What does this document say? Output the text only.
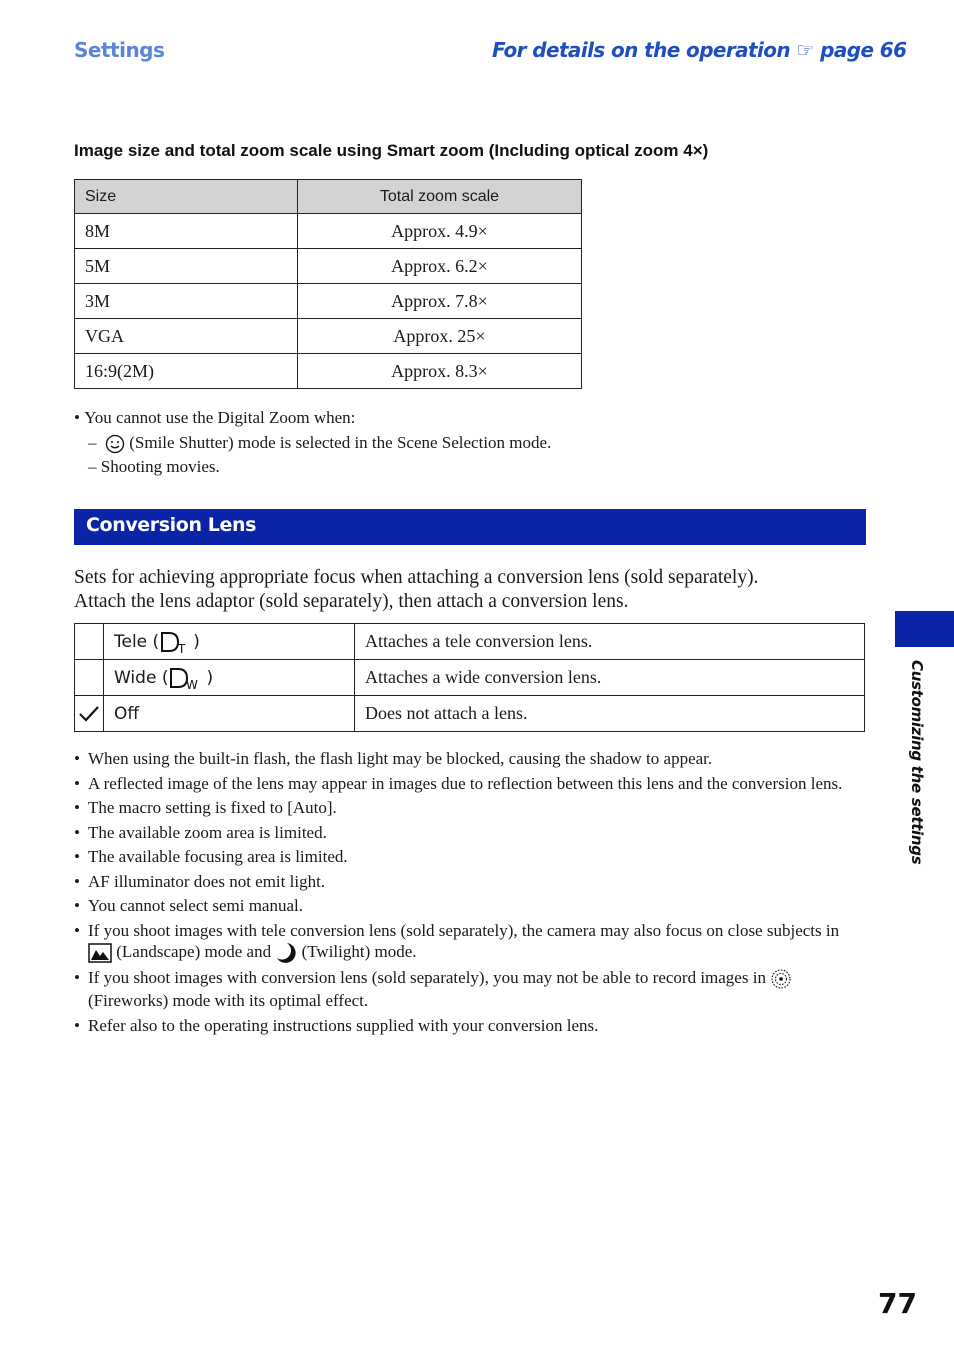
Settings	For details on the operation ☞ page 66
Image size and total zoom scale using Smart zoom (Including optical zoom 4×)
Size	Total zoom scale
8M	Approx. 4.9×
5M	Approx. 6.2×
3M	Approx. 7.8×
VGA	Approx. 25×
16:9(2M)	Approx. 8.3×
• You cannot use the Digital Zoom when:
–   (Smile Shutter) mode is selected in the Scene Selection mode.
– Shooting movies.
Conversion Lens
Sets for achieving appropriate focus when attaching a conversion lens (sold separately).
Attach the lens adaptor (sold separately), then attach a conversion lens.
	Tele ( T )	Attaches a tele conversion lens.
	Wide ( W )	Attaches a wide conversion lens.
	Off	Does not attach a lens.
• When using the built-in flash, the flash light may be blocked, causing the shadow to appear.
• A reflected image of the lens may appear in images due to reflection between this lens and the conversion lens.
• The macro setting is fixed to [Auto].
• The available zoom area is limited.
• The available focusing area is limited.
• AF illuminator does not emit light.
• You cannot select semi manual.
• If you shoot images with tele conversion lens (sold separately), the camera may also focus on close subjects in  (Landscape) mode and (Twilight) mode.
• If you shoot images with conversion lens (sold separately), you may not be able to record images in  (Fireworks) mode with its optimal effect.
• Refer also to the operating instructions supplied with your conversion lens.
Customizing the settings
77
